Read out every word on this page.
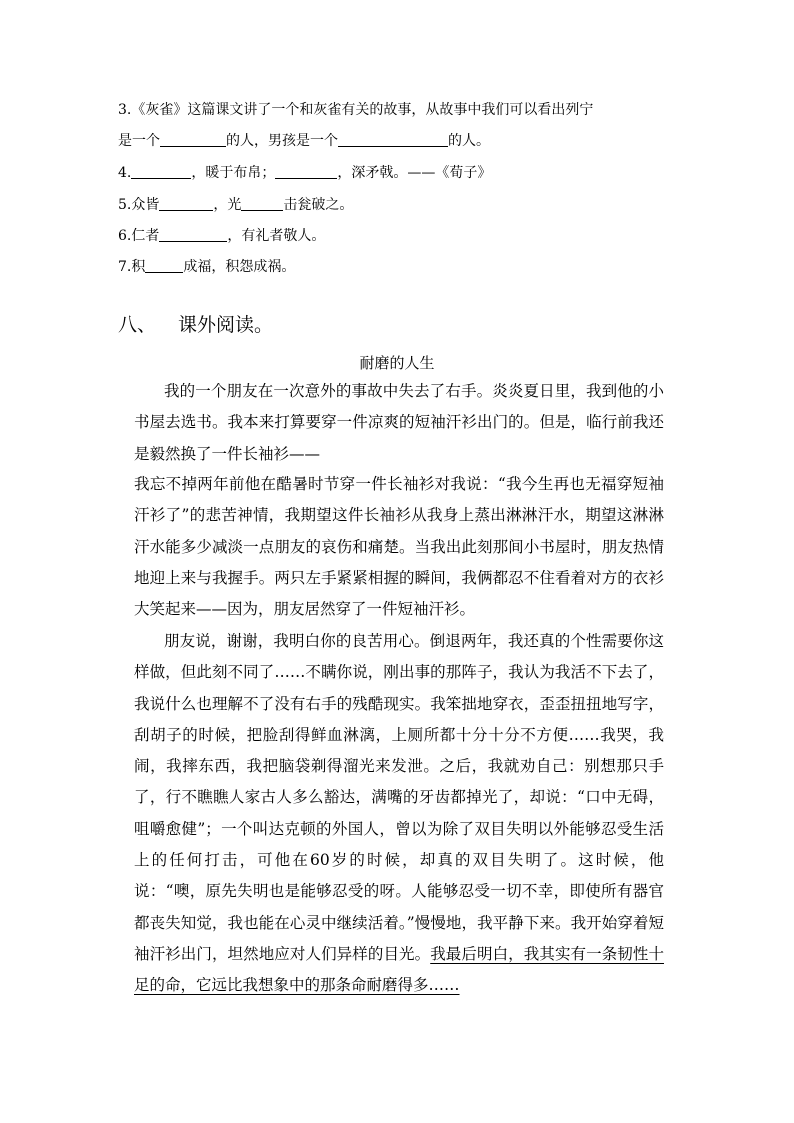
3.《灰雀》这篇课文讲了一个和灰雀有关的故事，从故事中我们可以看出列宁
是一个	的人，男孩是一个	的人。
4.	，暖于布帛；	，深矛戟。——《荀子》
5.众皆	，光	击瓮破之。
6.仁者	，有礼者敬人。
7.积	成福，积怨成祸。
八、 课外阅读。
耐磨的人生
我的一个朋友在一次意外的事故中失去了右手。炎炎夏日里，我到他的小书屋去选书。我本来打算要穿一件凉爽的短袖汗衫出门的。但是，临行前我还是毅然换了一件长袖衫——
我忘不掉两年前他在酷暑时节穿一件长袖衫对我说：“我今生再也无福穿短袖汗衫了”的悲苦神情，我期望这件长袖衫从我身上蒸出淋淋汗水，期望这淋淋汗水能多少减淡一点朋友的哀伤和痛楚。当我出此刻那间小书屋时，朋友热情地迎上来与我握手。两只左手紧紧相握的瞬间，我俩都忍不住看着对方的衣衫大笑起来——因为，朋友居然穿了一件短袖汗衫。
朋友说，谢谢，我明白你的良苦用心。倒退两年，我还真的个性需要你这样做，但此刻不同了……不瞒你说，刚出事的那阵子，我认为我活不下去了，我说什么也理解不了没有右手的残酷现实。我笨拙地穿衣，歪歪扭扭地写字，刮胡子的时候，把脸刮得鲜血淋漓，上厕所都十分十分不方便……我哭，我闹，我摔东西，我把脑袋剃得溜光来发泄。之后，我就劝自己：别想那只手了，行不瞧瞧人家古人多么豁达，满嘴的牙齿都掉光了，却说：“口中无碍，咀嚼愈健”；一个叫达克顿的外国人，曾以为除了双目失明以外能够忍受生活上的任何打击，可他在60岁的时候，却真的双目失明了。这时候，他说：“噢，原先失明也是能够忍受的呀。人能够忍受一切不幸，即使所有器官都丧失知觉，我也能在心灵中继续活着。”慢慢地，我平静下来。我开始穿着短袖汗衫出门，坦然地应对人们异样的目光。我最后明白，我其实有一条韧性十足的命，它远比我想象中的那条命耐磨得多……
